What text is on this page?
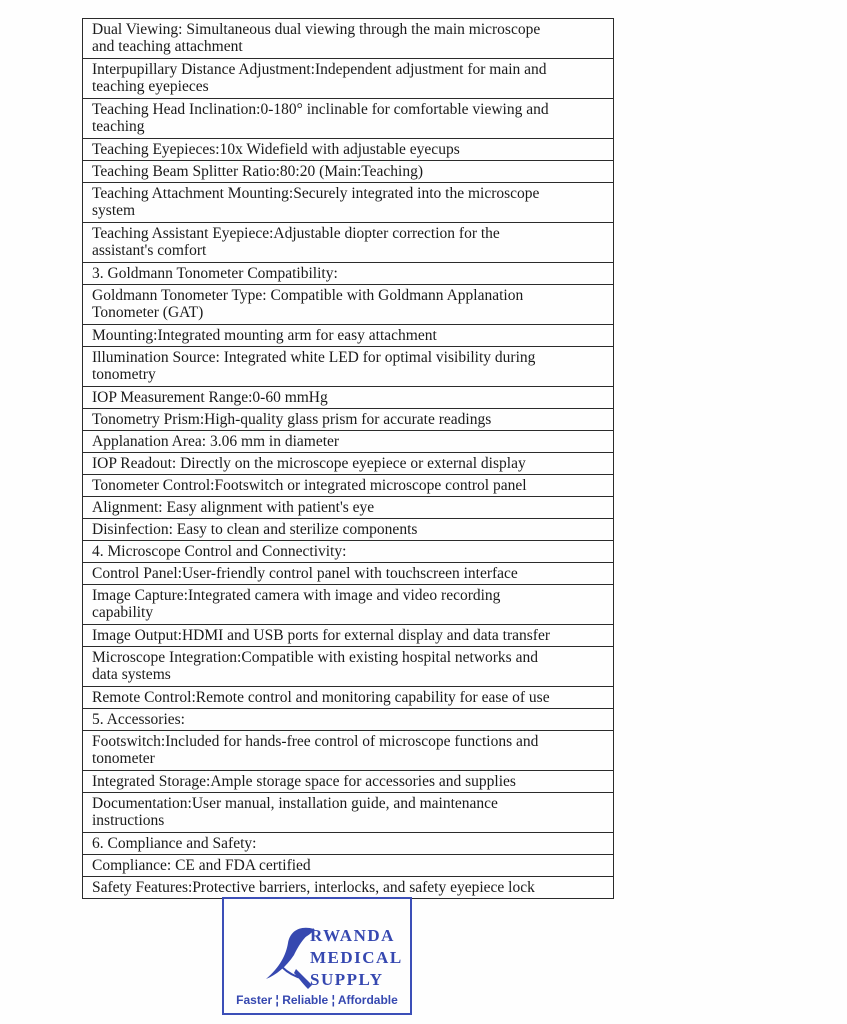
Dual Viewing: Simultaneous dual viewing through the main microscope
and teaching attachment
Interpupillary Distance Adjustment:Independent adjustment for main and
teaching eyepieces
Teaching Head Inclination:0-180° inclinable for comfortable viewing and
teaching
Teaching Eyepieces:10x Widefield with adjustable eyecups
Teaching Beam Splitter Ratio:80:20 (Main:Teaching)
Teaching Attachment Mounting:Securely integrated into the microscope
system
Teaching Assistant Eyepiece:Adjustable diopter correction for the
assistant's comfort
3. Goldmann Tonometer Compatibility:
Goldmann Tonometer Type: Compatible with Goldmann Applanation
Tonometer (GAT)
Mounting:Integrated mounting arm for easy attachment
Illumination Source: Integrated white LED for optimal visibility during
tonometry
IOP Measurement Range:0-60 mmHg
Tonometry Prism:High-quality glass prism for accurate readings
Applanation Area: 3.06 mm in diameter
IOP Readout: Directly on the microscope eyepiece or external display
Tonometer Control:Footswitch or integrated microscope control panel
Alignment: Easy alignment with patient's eye
Disinfection: Easy to clean and sterilize components
4. Microscope Control and Connectivity:
Control Panel:User-friendly control panel with touchscreen interface
Image Capture:Integrated camera with image and video recording
capability
Image Output:HDMI and USB ports for external display and data transfer
Microscope Integration:Compatible with existing hospital networks and
data systems
Remote Control:Remote control and monitoring capability for ease of use
5. Accessories:
Footswitch:Included for hands-free control of microscope functions and
tonometer
Integrated Storage:Ample storage space for accessories and supplies
Documentation:User manual, installation guide, and maintenance
instructions
6. Compliance and Safety:
Compliance: CE and FDA certified
Safety Features:Protective barriers, interlocks, and safety eyepiece lock
RWANDA
MEDICAL
SUPPLY
Faster ¦ Reliable ¦ Affordable
